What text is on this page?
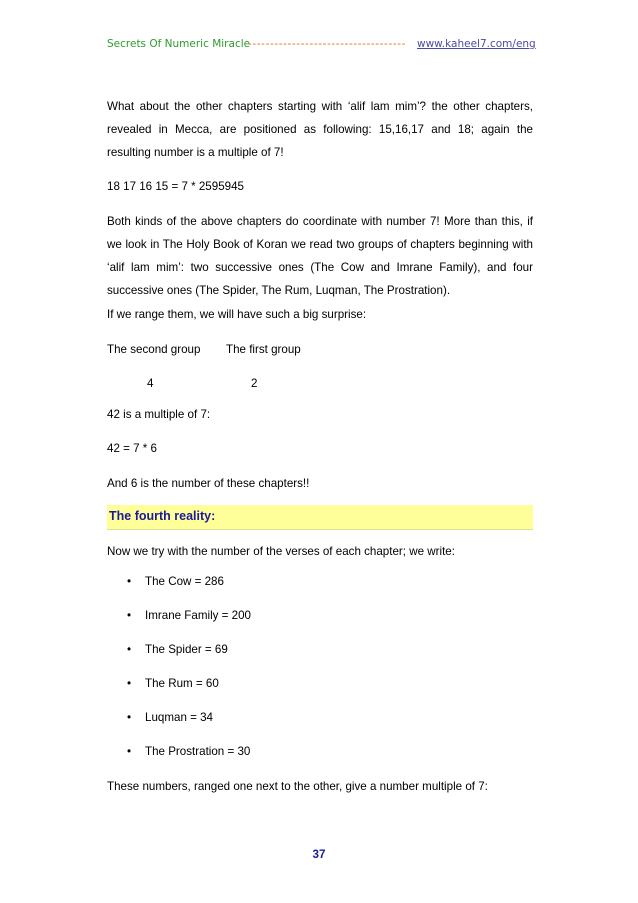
Secrets Of Numeric Miracle
------------------------------------ www.kaheel7.com/eng

What about the other chapters starting with ‘alif lam mim’? the other chapters, revealed in Mecca, are positioned as following: 15,16,17 and 18; again the resulting number is a multiple of 7!

18 17 16 15 = 7 * 2595945

Both kinds of the above chapters do coordinate with number 7! More than this, if we look in The Holy Book of Koran we read two groups of chapters beginning with ‘alif lam mim’: two successive ones (The Cow and Imrane Family), and four successive ones (The Spider, The Rum, Luqman, The Prostration).

If we range them, we will have such a big surprise:

The second group The first group

4	2

42 is a multiple of 7:

42 = 7 * 6

And 6 is the number of these chapters!!

The fourth reality:

Now we try with the number of the verses of each chapter; we write:

• The Cow = 286
• Imrane Family = 200
• The Spider = 69
• The Rum = 60
• Luqman = 34
• The Prostration = 30

These numbers, ranged one next to the other, give a number multiple of 7:

37
